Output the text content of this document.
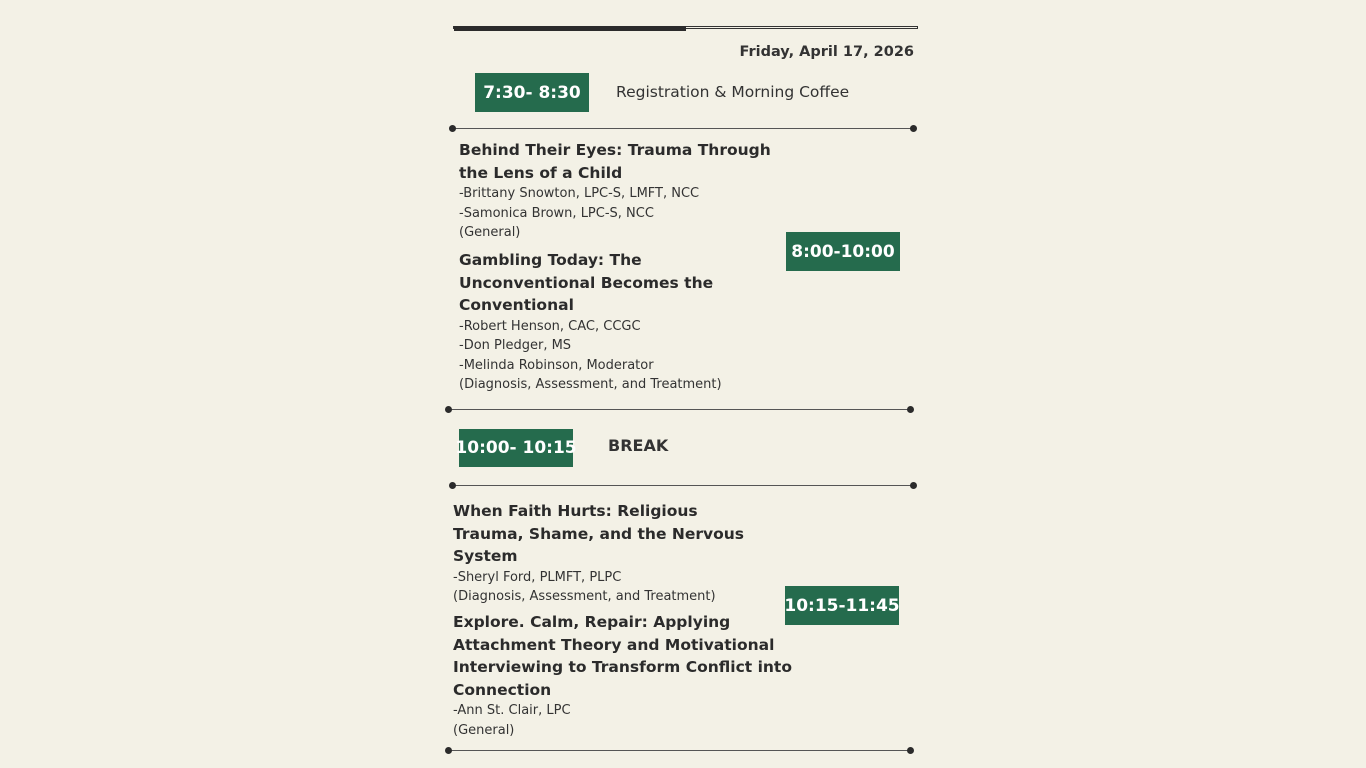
Friday, April 17, 2026
7:30- 8:30	Registration & Morning Coffee
Behind Their Eyes: Trauma Through
the Lens of a Child
-Brittany Snowton, LPC-S, LMFT, NCC
-Samonica Brown, LPC-S, NCC
(General)
Gambling Today: The
Unconventional Becomes the
Conventional
-Robert Henson, CAC, CCGC
-Don Pledger, MS
-Melinda Robinson, Moderator
(Diagnosis, Assessment, and Treatment)
8:00-10:00
10:00- 10:15 BREAK
When Faith Hurts: Religious
Trauma, Shame, and the Nervous
System
-Sheryl Ford, PLMFT, PLPC
(Diagnosis, Assessment, and Treatment)
Explore. Calm, Repair: Applying
Attachment Theory and Motivational
Interviewing to Transform Conflict into
Connection
-Ann St. Clair, LPC
(General)
10:15-11:45
